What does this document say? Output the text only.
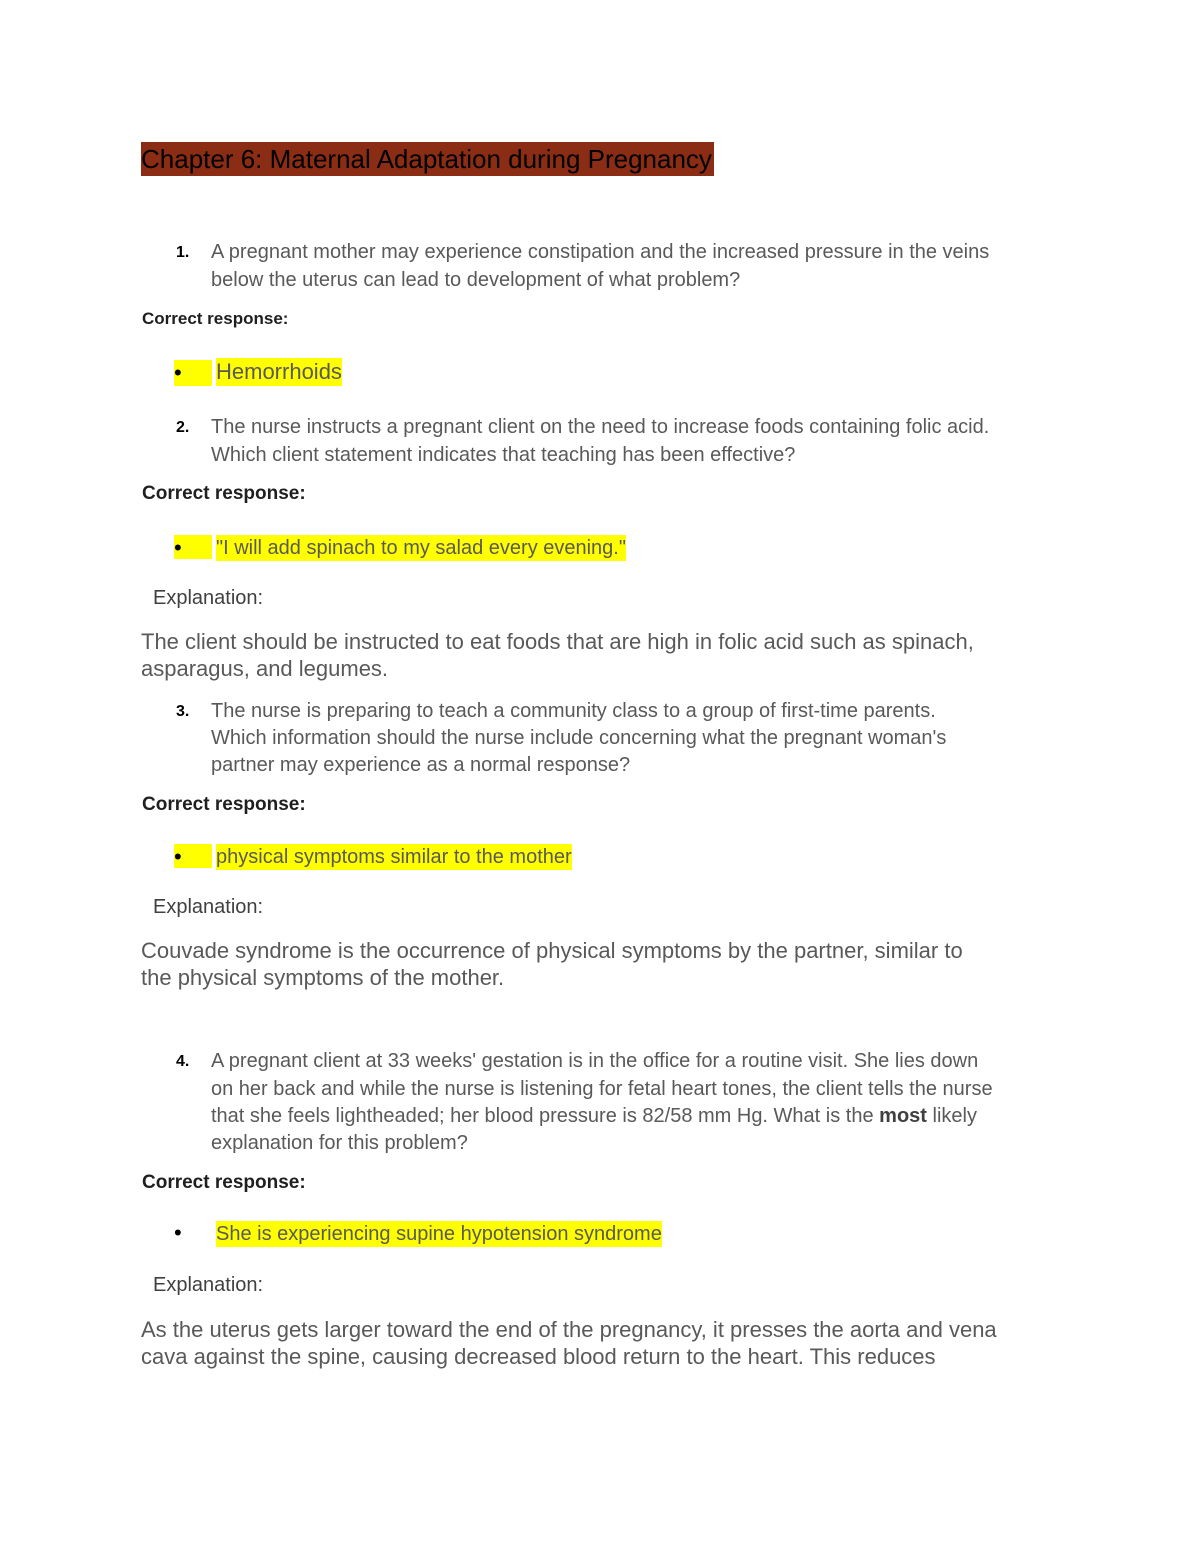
Chapter 6: Maternal Adaptation during Pregnancy
1.	A pregnant mother may experience constipation and the increased pressure in the veins
below the uterus can lead to development of what problem?
Correct response:
•	Hemorrhoids
2.	The nurse instructs a pregnant client on the need to increase foods containing folic acid.
Which client statement indicates that teaching has been effective?
Correct response:
•	"I will add spinach to my salad every evening."
Explanation:
The client should be instructed to eat foods that are high in folic acid such as spinach,
asparagus, and legumes.
3.	The nurse is preparing to teach a community class to a group of first-time parents.
Which information should the nurse include concerning what the pregnant woman's
partner may experience as a normal response?
Correct response:
•	physical symptoms similar to the mother
Explanation:
Couvade syndrome is the occurrence of physical symptoms by the partner, similar to
the physical symptoms of the mother.
4.	A pregnant client at 33 weeks' gestation is in the office for a routine visit. She lies down
on her back and while the nurse is listening for fetal heart tones, the client tells the nurse
that she feels lightheaded; her blood pressure is 82/58 mm Hg. What is the most likely
explanation for this problem?
Correct response:
• She is experiencing supine hypotension syndrome
Explanation:
As the uterus gets larger toward the end of the pregnancy, it presses the aorta and vena
cava against the spine, causing decreased blood return to the heart. This reduces
